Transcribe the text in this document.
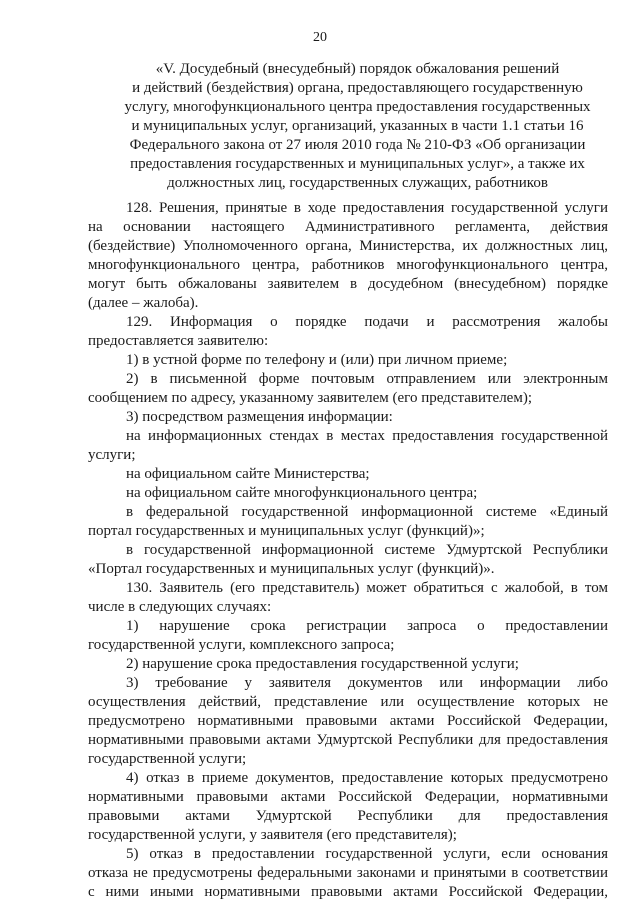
20
«V. Досудебный (внесудебный) порядок обжалования решений
и действий (бездействия) органа, предоставляющего государственную
услугу, многофункционального центра предоставления государственных
и муниципальных услуг, организаций, указанных в части 1.1 статьи 16
Федерального закона от 27 июля 2010 года № 210-ФЗ «Об организации
предоставления государственных и муниципальных услуг», а также их
должностных лиц, государственных служащих, работников
128. Решения, принятые в ходе предоставления государственной услуги
на основании настоящего Административного регламента, действия
(бездействие) Уполномоченного органа, Министерства, их должностных лиц,
многофункционального центра, работников многофункционального центра,
могут быть обжалованы заявителем в досудебном (внесудебном) порядке
(далее – жалоба).
129. Информация о порядке подачи и рассмотрения жалобы
предоставляется заявителю:
1) в устной форме по телефону и (или) при личном приеме;
2) в письменной форме почтовым отправлением или электронным
сообщением по адресу, указанному заявителем (его представителем);
3) посредством размещения информации:
на информационных стендах в местах предоставления государственной
услуги;
на официальном сайте Министерства;
на официальном сайте многофункционального центра;
в федеральной государственной информационной системе «Единый
портал государственных и муниципальных услуг (функций)»;
в государственной информационной системе Удмуртской Республики
«Портал государственных и муниципальных услуг (функций)».
130. Заявитель (его представитель) может обратиться с жалобой, в том
числе в следующих случаях:
1) нарушение срока регистрации запроса о предоставлении
государственной услуги, комплексного запроса;
2) нарушение срока предоставления государственной услуги;
3) требование у заявителя документов или информации либо
осуществления действий, представление или осуществление которых не
предусмотрено нормативными правовыми актами Российской Федерации,
нормативными правовыми актами Удмуртской Республики для предоставления
государственной услуги;
4) отказ в приеме документов, предоставление которых предусмотрено
нормативными правовыми актами Российской Федерации, нормативными
правовыми актами Удмуртской Республики для предоставления
государственной услуги, у заявителя (его представителя);
5) отказ в предоставлении государственной услуги, если основания
отказа не предусмотрены федеральными законами и принятыми в соответствии
с ними иными нормативными правовыми актами Российской Федерации,
